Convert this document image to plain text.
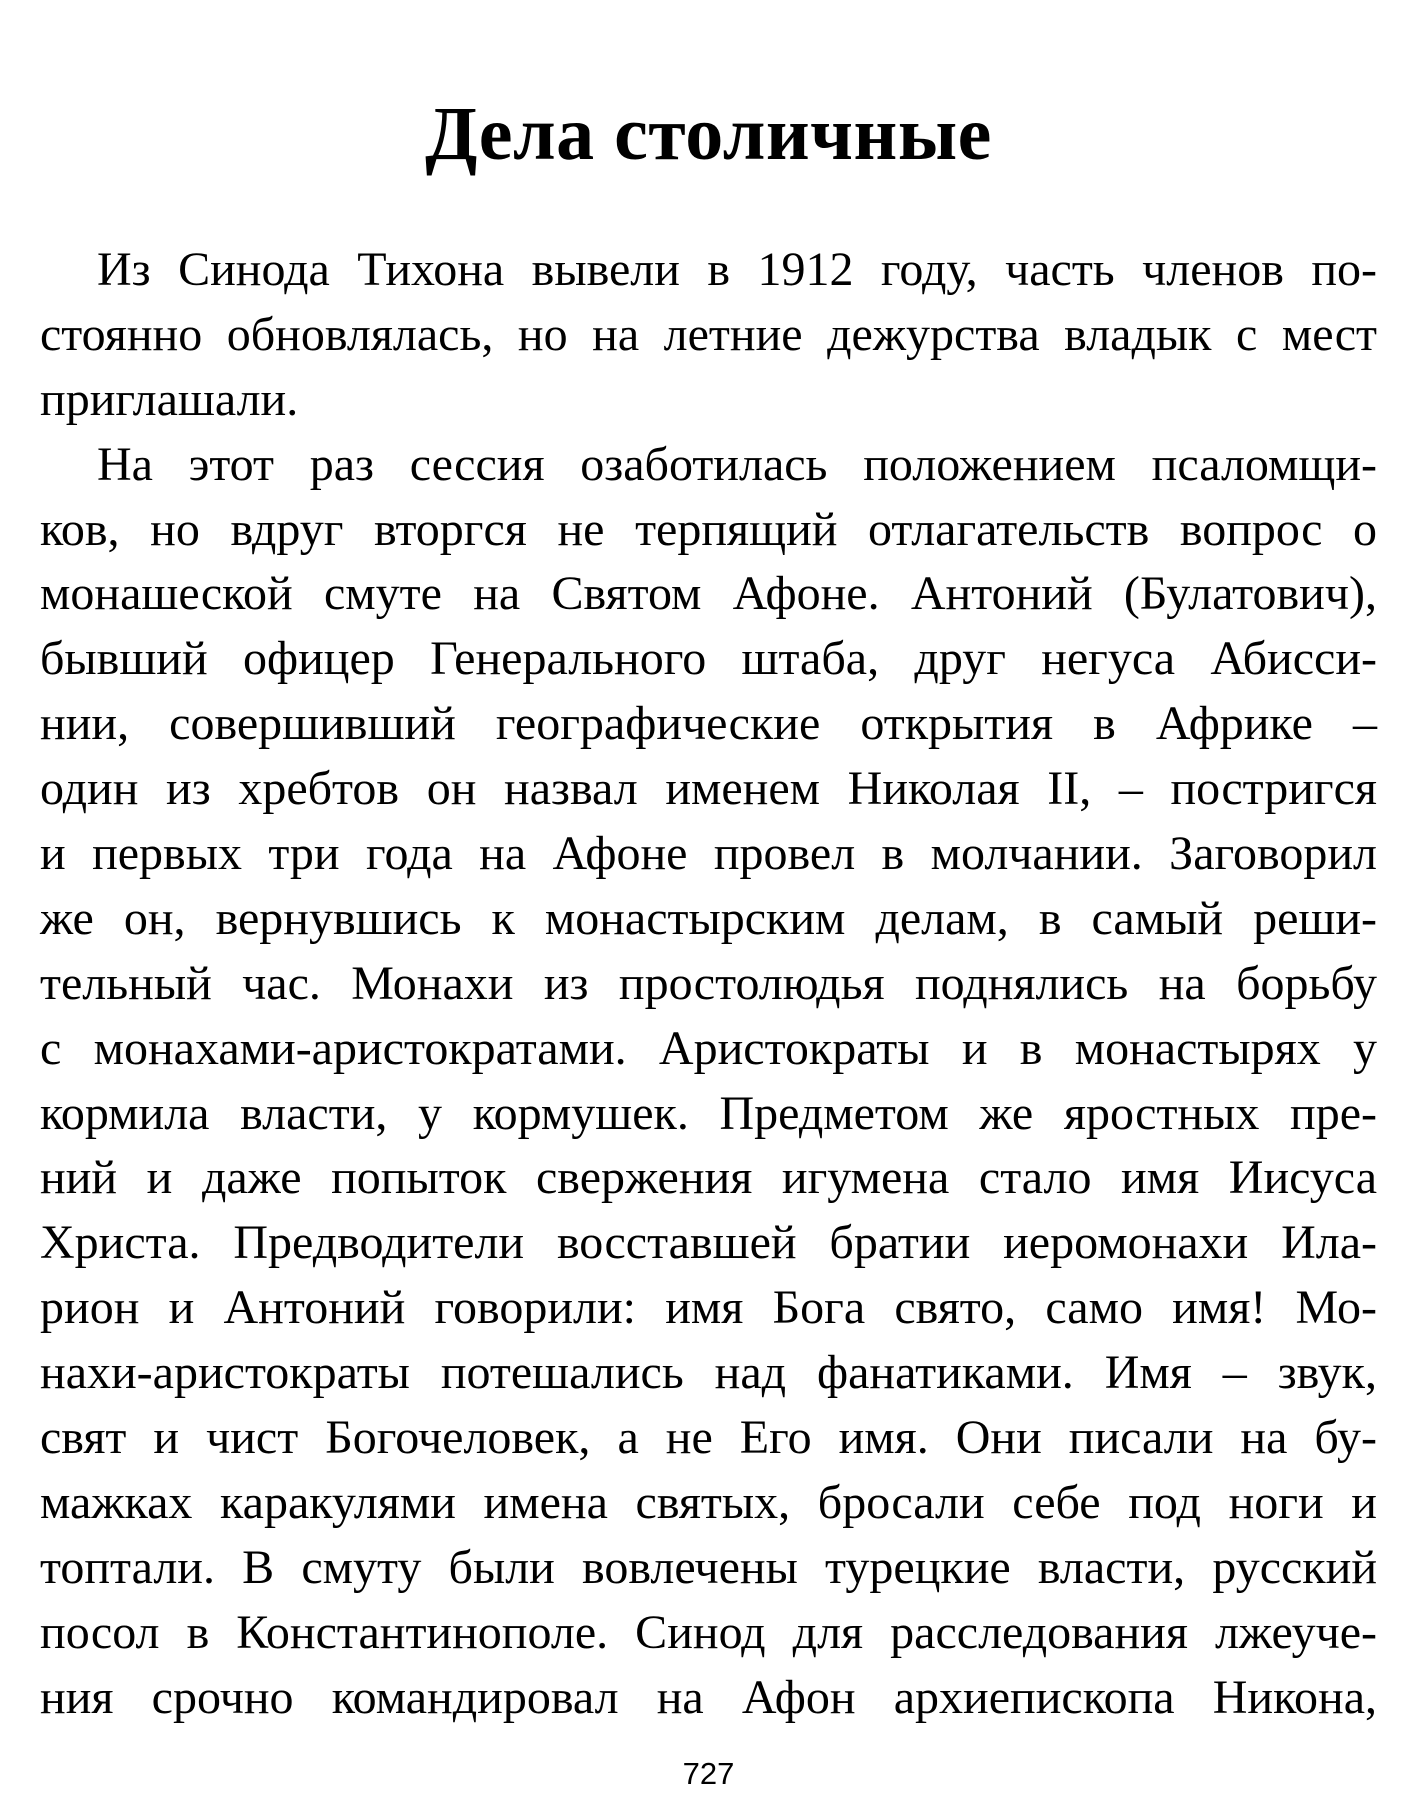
Дела столичные
Из Синода Тихона вывели в 1912 году, часть членов по-
стоянно обновлялась, но на летние дежурства владык с мест
приглашали.
На этот раз сессия озаботилась положением псаломщи-
ков, но вдруг вторгся не терпящий отлагательств вопрос о
монашеской смуте на Святом Афоне. Антоний (Булатович),
бывший офицер Генерального штаба, друг негуса Абисси-
нии, совершивший географические открытия в Африке –
один из хребтов он назвал именем Николая II, – постригся
и первых три года на Афоне провел в молчании. Заговорил
же он, вернувшись к монастырским делам, в самый реши-
тельный час. Монахи из простолюдья поднялись на борьбу
с монахами-аристократами. Аристократы и в монастырях у
кормила власти, у кормушек. Предметом же яростных пре-
ний и даже попыток свержения игумена стало имя Иисуса
Христа. Предводители восставшей братии иеромонахи Ила-
рион и Антоний говорили: имя Бога свято, само имя! Мо-
нахи-аристократы потешались над фанатиками. Имя – звук,
свят и чист Богочеловек, а не Его имя. Они писали на бу-
мажках каракулями имена святых, бросали себе под ноги и
топтали. В смуту были вовлечены турецкие власти, русский
посол в Константинополе. Синод для расследования лжеуче-
ния срочно командировал на Афон архиепископа Никона,
727
